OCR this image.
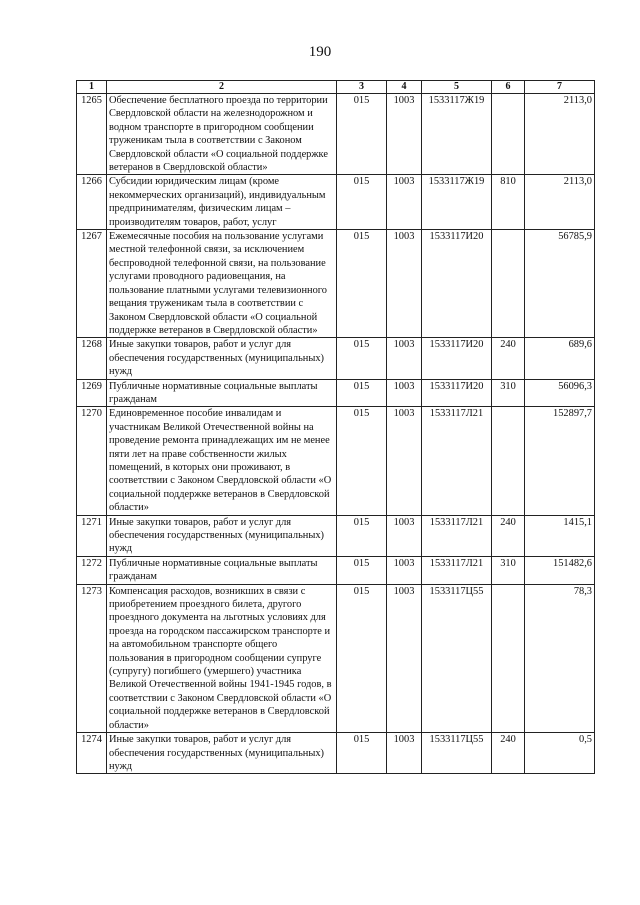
190
1	2	3	4	5	6	7
1265	Обеспечение бесплатного проезда по территории Свердловской области на железнодорожном и водном транспорте в пригородном сообщении труженикам тыла в соответствии с Законом Свердловской области «О социальной поддержке ветеранов в Свердловской области»	015	1003	1533117Ж19		2113,0
1266	Субсидии юридическим лицам (кроме некоммерческих организаций), индивидуальным предпринимателям, физическим лицам – производителям товаров, работ, услуг	015	1003	1533117Ж19	810	2113,0
1267	Ежемесячные пособия на пользование услугами местной телефонной связи, за исключением беспроводной телефонной связи, на пользование услугами проводного радиовещания, на пользование платными услугами телевизионного вещания труженикам тыла в соответствии с Законом Свердловской области «О социальной поддержке ветеранов в Свердловской области»	015	1003	1533117И20		56785,9
1268	Иные закупки товаров, работ и услуг для обеспечения государственных (муниципальных) нужд	015	1003	1533117И20	240	689,6
1269	Публичные нормативные социальные выплаты гражданам	015	1003	1533117И20	310	56096,3
1270	Единовременное пособие инвалидам и участникам Великой Отечественной войны на проведение ремонта принадлежащих им не менее пяти лет на праве собственности жилых помещений, в которых они проживают, в соответствии с Законом Свердловской области «О социальной поддержке ветеранов в Свердловской области»	015	1003	1533117Л21		152897,7
1271	Иные закупки товаров, работ и услуг для обеспечения государственных (муниципальных) нужд	015	1003	1533117Л21	240	1415,1
1272	Публичные нормативные социальные выплаты гражданам	015	1003	1533117Л21	310	151482,6
1273	Компенсация расходов, возникших в связи с приобретением проездного билета, другого проездного документа на льготных условиях для проезда на городском пассажирском транспорте и на автомобильном транспорте общего пользования в пригородном сообщении супруге (супругу) погибшего (умершего) участника Великой Отечественной войны 1941-1945 годов, в соответствии с Законом Свердловской области «О социальной поддержке ветеранов в Свердловской области»	015	1003	1533117Ц55		78,3
1274	Иные закупки товаров, работ и услуг для обеспечения государственных (муниципальных) нужд	015	1003	1533117Ц55	240	0,5
